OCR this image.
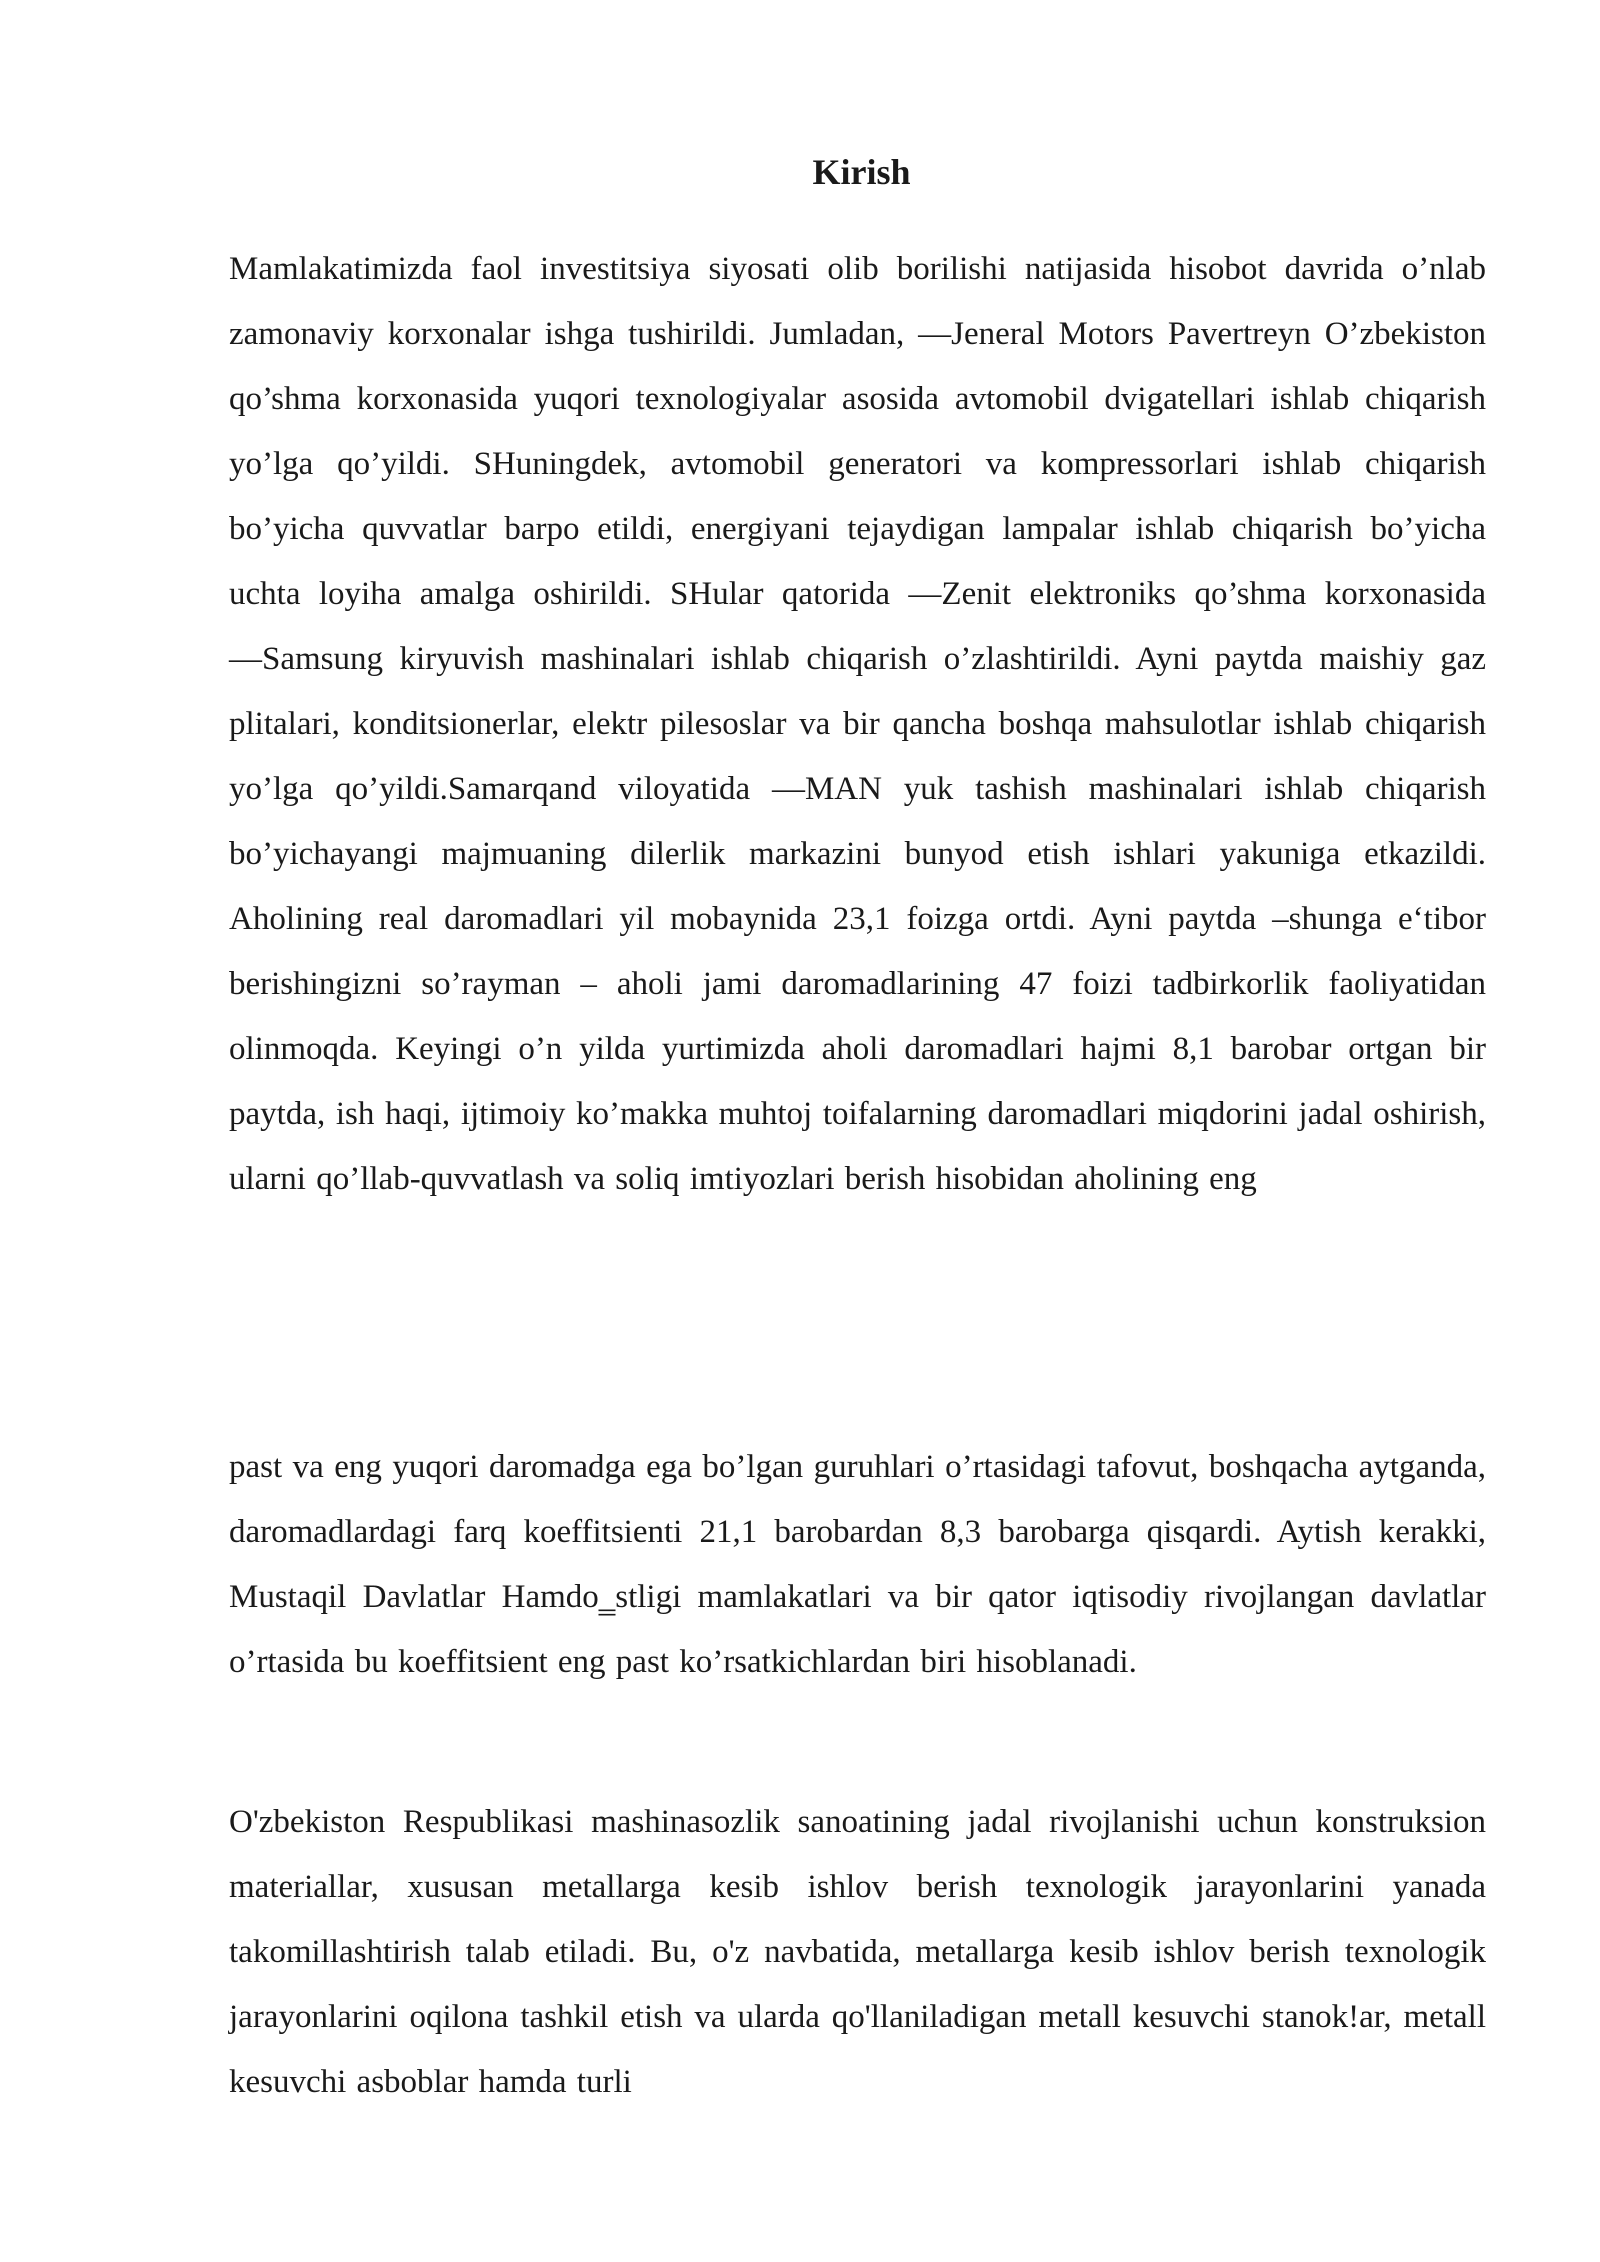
Kirish

Mamlakatimizda faol investitsiya siyosati olib borilishi natijasida hisobot davrida o’nlab zamonaviy korxonalar ishga tushirildi. Jumladan, ―Jeneral Motors Pavertreyn O’zbekiston qo’shma korxonasida yuqori texnologiyalar asosida avtomobil dvigatellari ishlab chiqarish yo’lga qo’yildi. SHuningdek, avtomobil generatori va kompressorlari ishlab chiqarish bo’yicha quvvatlar barpo etildi, energiyani tejaydigan lampalar ishlab chiqarish bo’yicha uchta loyiha amalga oshirildi. SHular qatorida ―Zenit elektroniks qo’shma korxonasida ―Samsung kiryuvish mashinalari ishlab chiqarish o’zlashtirildi. Ayni paytda maishiy gaz plitalari, konditsionerlar, elektr pilesoslar va bir qancha boshqa mahsulotlar ishlab chiqarish yo’lga qo’yildi.Samarqand viloyatida ―MAN yuk tashish mashinalari ishlab chiqarish bo’yichayangi majmuaning dilerlik markazini bunyod etish ishlari yakuniga etkazildi. Aholining real daromadlari yil mobaynida 23,1 foizga ortdi. Ayni paytda –shunga e‘tibor berishingizni so’rayman – aholi jami daromadlarining 47 foizi tadbirkorlik faoliyatidan olinmoqda. Keyingi o’n yilda yurtimizda aholi daromadlari hajmi 8,1 barobar ortgan bir paytda, ish haqi, ijtimoiy ko’makka muhtoj toifalarning daromadlari miqdorini jadal oshirish, ularni qo’llab-quvvatlash va soliq imtiyozlari berish hisobidan aholining eng

past va eng yuqori daromadga ega bo’lgan guruhlari o’rtasidagi tafovut, boshqacha aytganda, daromadlardagi farq koeffitsienti 21,1 barobardan 8,3 barobarga qisqardi. Aytish kerakki, Mustaqil Davlatlar Hamdo‗stligi mamlakatlari va bir qator iqtisodiy rivojlangan davlatlar o’rtasida bu koeffitsient eng past ko’rsatkichlardan biri hisoblanadi.

O'zbekiston Respublikasi mashinasozlik sanoatining jadal rivojlanishi uchun konstruksion materiallar, xususan metallarga kesib ishlov berish texnologik jarayonlarini yanada takomillashtirish talab etiladi. Bu, o'z navbatida, metallarga kesib ishlov berish texnologik jarayonlarini oqilona tashkil etish va ularda qo'llaniladigan metall kesuvchi stanok!ar, metall kesuvchi asboblar hamda turli
